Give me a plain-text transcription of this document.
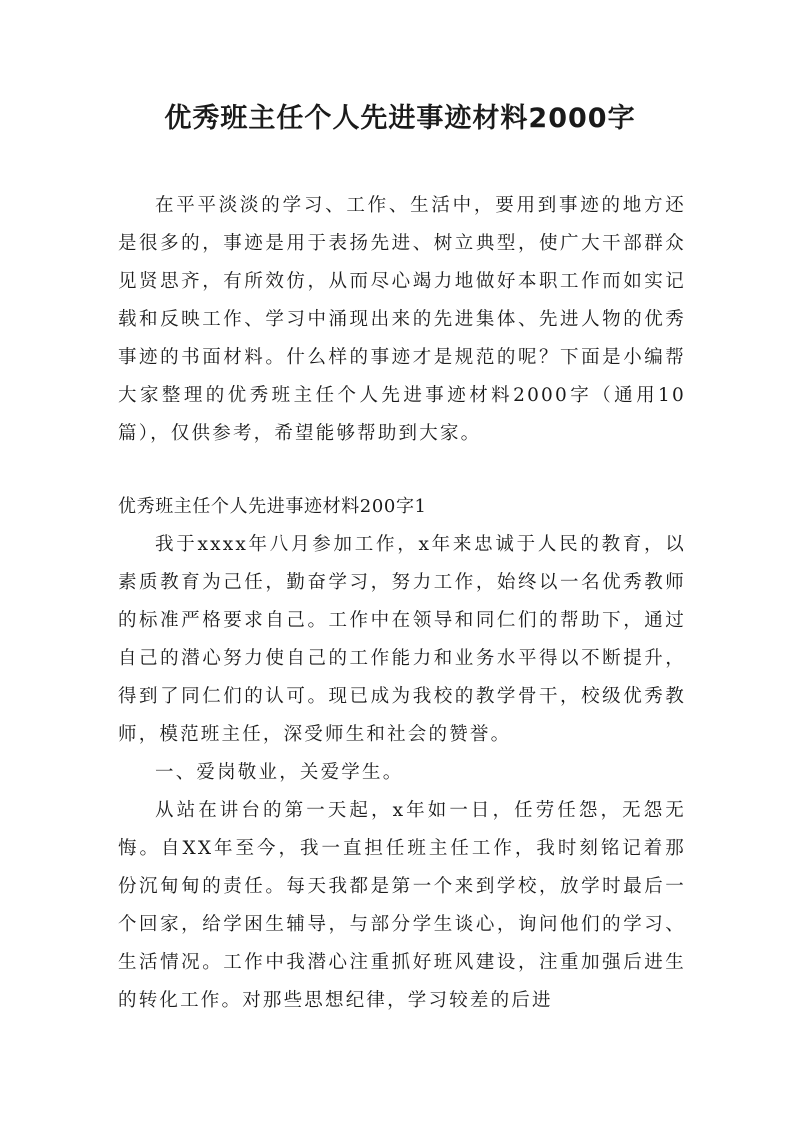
优秀班主任个人先进事迹材料2000字

在平平淡淡的学习、工作、生活中，要用到事迹的地方还是很多的，事迹是用于表扬先进、树立典型，使广大干部群众见贤思齐，有所效仿，从而尽心竭力地做好本职工作而如实记载和反映工作、学习中涌现出来的先进集体、先进人物的优秀事迹的书面材料。什么样的事迹才是规范的呢？下面是小编帮大家整理的优秀班主任个人先进事迹材料2000字（通用10篇），仅供参考，希望能够帮助到大家。

优秀班主任个人先进事迹材料200字1

我于xxxx年八月参加工作，x年来忠诚于人民的教育，以素质教育为己任，勤奋学习，努力工作，始终以一名优秀教师的标准严格要求自己。工作中在领导和同仁们的帮助下，通过自己的潜心努力使自己的工作能力和业务水平得以不断提升，得到了同仁们的认可。现已成为我校的教学骨干，校级优秀教师，模范班主任，深受师生和社会的赞誉。

一、爱岗敬业，关爱学生。

从站在讲台的第一天起，x年如一日，任劳任怨，无怨无悔。自XX年至今，我一直担任班主任工作，我时刻铭记着那份沉甸甸的责任。每天我都是第一个来到学校，放学时最后一个回家，给学困生辅导，与部分学生谈心，询问他们的学习、生活情况。工作中我潜心注重抓好班风建设，注重加强后进生的转化工作。对那些思想纪律，学习较差的后进
